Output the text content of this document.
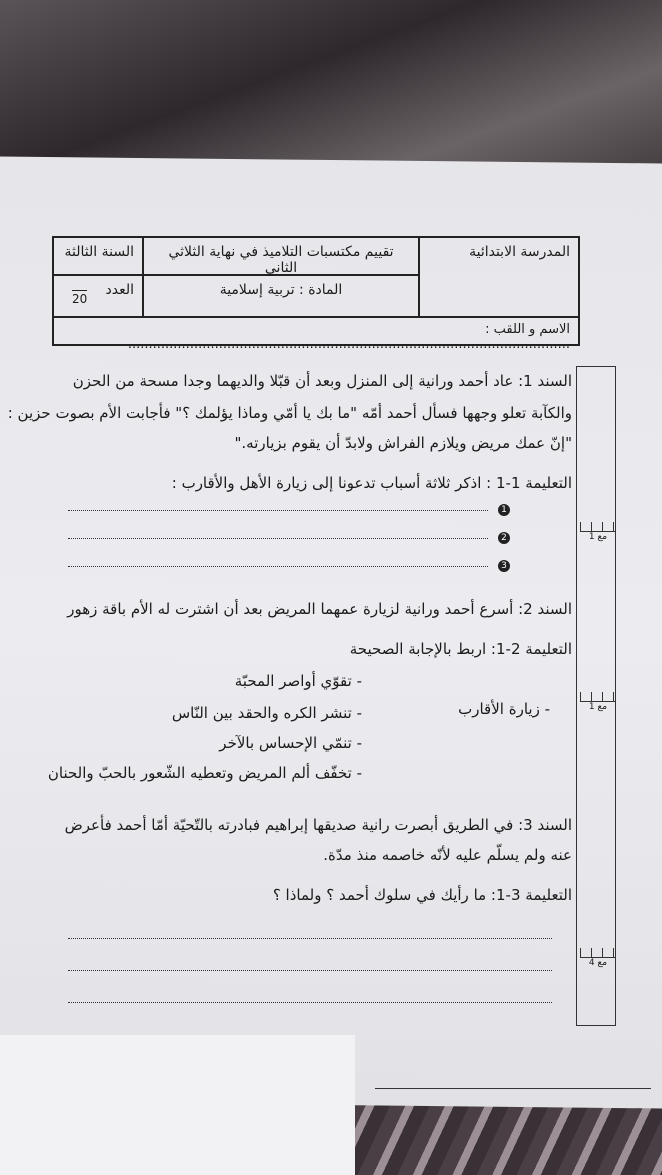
المدرسة الابتدائية
تقييم مكتسبات التلاميذ في نهاية الثلاثي الثاني
السنة الثالثة
المادة : تربية إسلامية
العدد
20
الاسم و اللقب : ...........................................................................................................
مع 1
مع 1
مع 4
السند 1: عاد أحمد ورانية إلى المنزل وبعد أن قبّلا والديهما وجدا مسحة من الحزن
والكآبة تعلو وجهها فسأل أحمد أمّه "ما بك يا أمّي وماذا يؤلمك ؟" فأجابت الأم بصوت حزين :
"إنّ عمك مريض ويلازم الفراش ولابدّ أن يقوم بزيارته."
التعليمة 1-1 : اذكر ثلاثة أسباب تدعونا إلى زيارة الأهل والأقارب :
1
2
3
السند 2: أسرع أحمد ورانية لزيارة عمهما المريض بعد أن اشترت له الأم باقة زهور
التعليمة 2-1: اربط بالإجابة الصحيحة
- زيارة الأقارب
- تقوّي أواصر المحبّة
- تنشر الكره والحقد بين النّاس
- تنمّي الإحساس بالآخر
- تخفّف ألم المريض وتعطيه الشّعور بالحبّ والحنان
السند 3: في الطريق أبصرت رانية صديقها إبراهيم فبادرته بالتّحيّة أمّا أحمد فأعرض
عنه ولم يسلّم عليه لأنّه خاصمه منذ مدّة.
التعليمة 3-1: ما رأيك في سلوك أحمد ؟ ولماذا ؟
